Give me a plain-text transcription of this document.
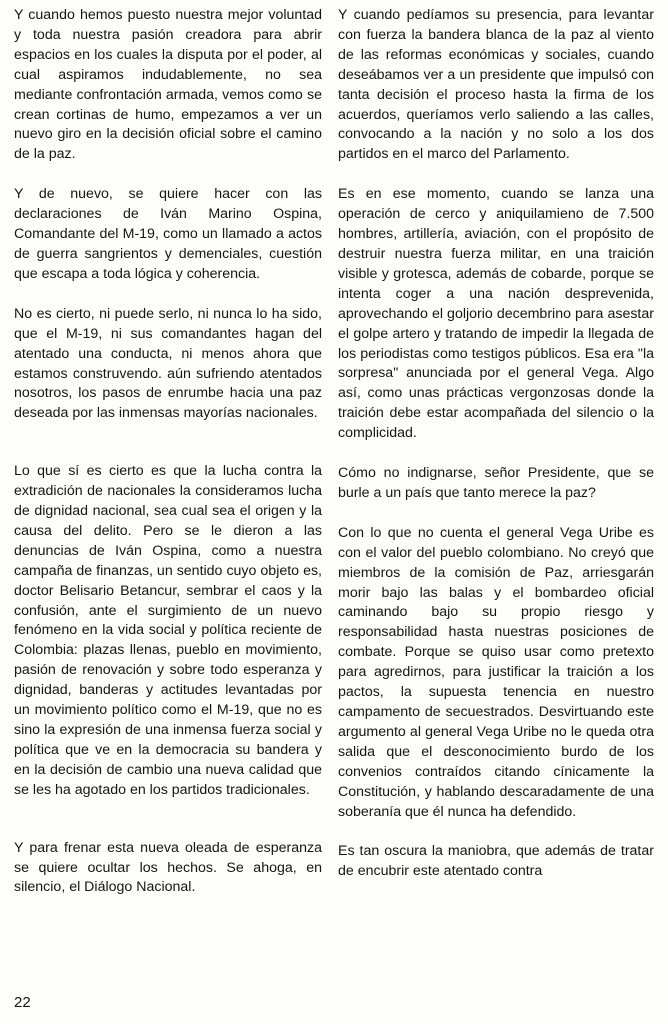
Y cuando hemos puesto nuestra mejor voluntad y toda nuestra pasión creadora para abrir espacios en los cuales la disputa por el poder, al cual aspiramos indudablemente, no sea mediante confrontación armada, vemos como se crean cortinas de humo, empezamos a ver un nuevo giro en la decisión oficial sobre el camino de la paz.

Y de nuevo, se quiere hacer con las declaraciones de Iván Marino Ospina, Comandante del M-19, como un llamado a actos de guerra sangrientos y demenciales, cuestión que escapa a toda lógica y coherencia.

No es cierto, ni puede serlo, ni nunca lo ha sido, que el M-19, ni sus comandantes hagan del atentado una conducta, ni menos ahora que estamos construvendo. aún sufriendo atentados nosotros, los pasos de enrumbe hacia una paz deseada por las inmensas mayorías nacionales.

Lo que sí es cierto es que la lucha contra la extradición de nacionales la consideramos lucha de dignidad nacional, sea cual sea el origen y la causa del delito. Pero se le dieron a las denuncias de Iván Ospina, como a nuestra campaña de finanzas, un sentido cuyo objeto es, doctor Belisario Betancur, sembrar el caos y la confusión, ante el surgimiento de un nuevo fenómeno en la vida social y política reciente de Colombia: plazas llenas, pueblo en movimiento, pasión de renovación y sobre todo esperanza y dignidad, banderas y actitudes levantadas por un movimiento político como el M-19, que no es sino la expresión de una inmensa fuerza social y política que ve en la democracia su bandera y en la decisión de cambio una nueva calidad que se les ha agotado en los partidos tradicionales.

Y para frenar esta nueva oleada de esperanza se quiere ocultar los hechos. Se ahoga, en silencio, el Diálogo Nacional.

Y cuando pedíamos su presencia, para levantar con fuerza la bandera blanca de la paz al viento de las reformas económicas y sociales, cuando deseábamos ver a un presidente que impulsó con tanta decisión el proceso hasta la firma de los acuerdos, queríamos verlo saliendo a las calles, convocando a la nación y no solo a los dos partidos en el marco del Parlamento.

Es en ese momento, cuando se lanza una operación de cerco y aniquilamieno de 7.500 hombres, artillería, aviación, con el propósito de destruir nuestra fuerza militar, en una traición visible y grotesca, además de cobarde, porque se intenta coger a una nación desprevenida, aprovechando el goljorio decembrino para asestar el golpe artero y tratando de impedir la llegada de los periodistas como testigos públicos. Esa era "la sorpresa" anunciada por el general Vega. Algo así, como unas prácticas vergonzosas donde la traición debe estar acompañada del silencio o la complicidad.

Cómo no indignarse, señor Presidente, que se burle a un país que tanto merece la paz?

Con lo que no cuenta el general Vega Uribe es con el valor del pueblo colombiano. No creyó que miembros de la comisión de Paz, arriesgarán morir bajo las balas y el bombardeo oficial caminando bajo su propio riesgo y responsabilidad hasta nuestras posiciones de combate. Porque se quiso usar como pretexto para agredirnos, para justificar la traición a los pactos, la supuesta tenencia en nuestro campamento de secuestrados. Desvirtuando este argumento al general Vega Uribe no le queda otra salida que el desconocimiento burdo de los convenios contraídos citando cínicamente la Constitución, y hablando descaradamente de una soberanía que él nunca ha defendido.

Es tan oscura la maniobra, que además de tratar de encubrir este atentado contra

22
